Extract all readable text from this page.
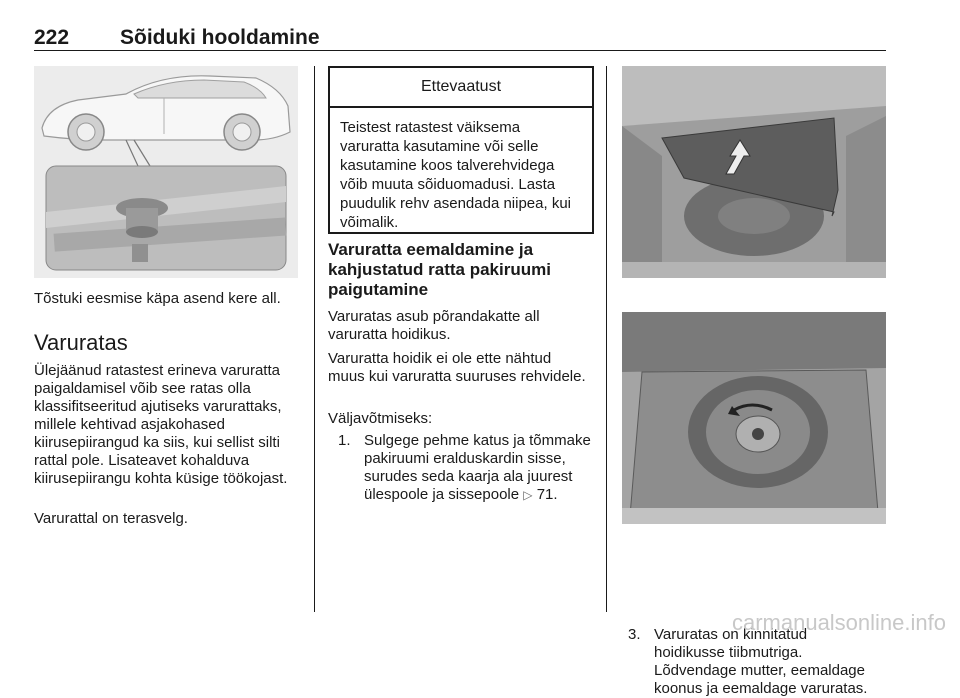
222 Sõiduki hooldamine
Tõstuki eesmise käpa asend kere all.
Varuratas

Ülejäänud ratastest erineva varuratta paigaldamisel võib see ratas olla klassifitseeritud ajutiseks varurattaks, millele kehtivad asjakohased kiirusepiirangud ka siis, kui sellist silti rattal pole. Lisateavet kohalduva kiirusepiirangu kohta küsige töökojast.

Varurattal on terasvelg.

Ettevaatust
Teistest ratastest väiksema varuratta kasutamine või selle kasutamine koos talverehvidega võib muuta sõiduomadusi. Lasta puudulik rehv asendada niipea, kui võimalik.
Varuratta eemaldamine ja kahjustatud ratta pakiruumi paigutamine

Varuratas asub põrandakatte all varuratta hoidikus.

Varuratta hoidik ei ole ette nähtud muus kui varuratta suuruses rehvidele.

Väljavõtmiseks:

1. Sulgege pehme katus ja tõmmake pakiruumi eralduskardin sisse, surudes seda kaarja ala juurest ülespoole ja sissepoole ▷ 71.
3. Varuratas on kinnitatud
hoidikusse tiibmutriga.
Lõdvendage mutter, eemaldage
koonus ja eemaldage varuratas.
carmanualsonline.info
